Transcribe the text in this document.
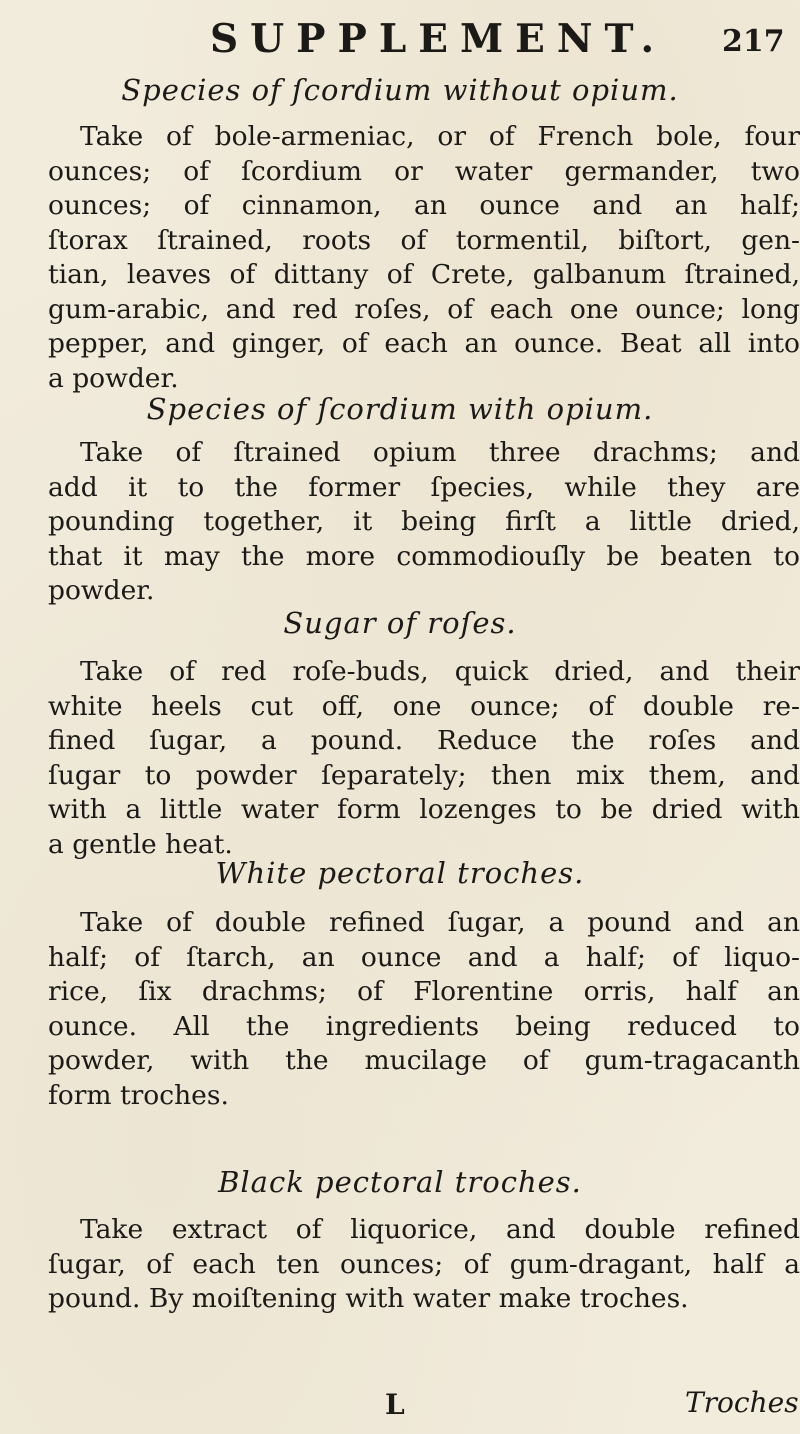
SUPPLEMENT. 217
Species of ſcordium without opium.
Take of bole-armeniac, or of French bole, four
ounces; of ſcordium or water germander, two
ounces; of cinnamon, an ounce and an half;
ſtorax ſtrained, roots of tormentil, biſtort, gen-
tian, leaves of dittany of Crete, galbanum ſtrained,
gum-arabic, and red roſes, of each one ounce; long
pepper, and ginger, of each an ounce. Beat all into
a powder.
Species of ſcordium with opium.
Take of ſtrained opium three drachms; and
add it to the former ſpecies, while they are
pounding together, it being firſt a little dried,
that it may the more commodiouſly be beaten to
powder.
Sugar of roſes.
Take of red roſe-buds, quick dried, and their
white heels cut off, one ounce; of double re-
fined ſugar, a pound. Reduce the roſes and
ſugar to powder ſeparately; then mix them, and
with a little water form lozenges to be dried with
a gentle heat.
White pectoral troches.
Take of double refined ſugar, a pound and an
half; of ſtarch, an ounce and a half; of liquo-
rice, ſix drachms; of Florentine orris, half an
ounce. All the ingredients being reduced to
powder, with the mucilage of gum-tragacanth
form troches.
Black pectoral troches.
Take extract of liquorice, and double refined
ſugar, of each ten ounces; of gum-dragant, half a
pound. By moiſtening with water make troches.
L	Troches
